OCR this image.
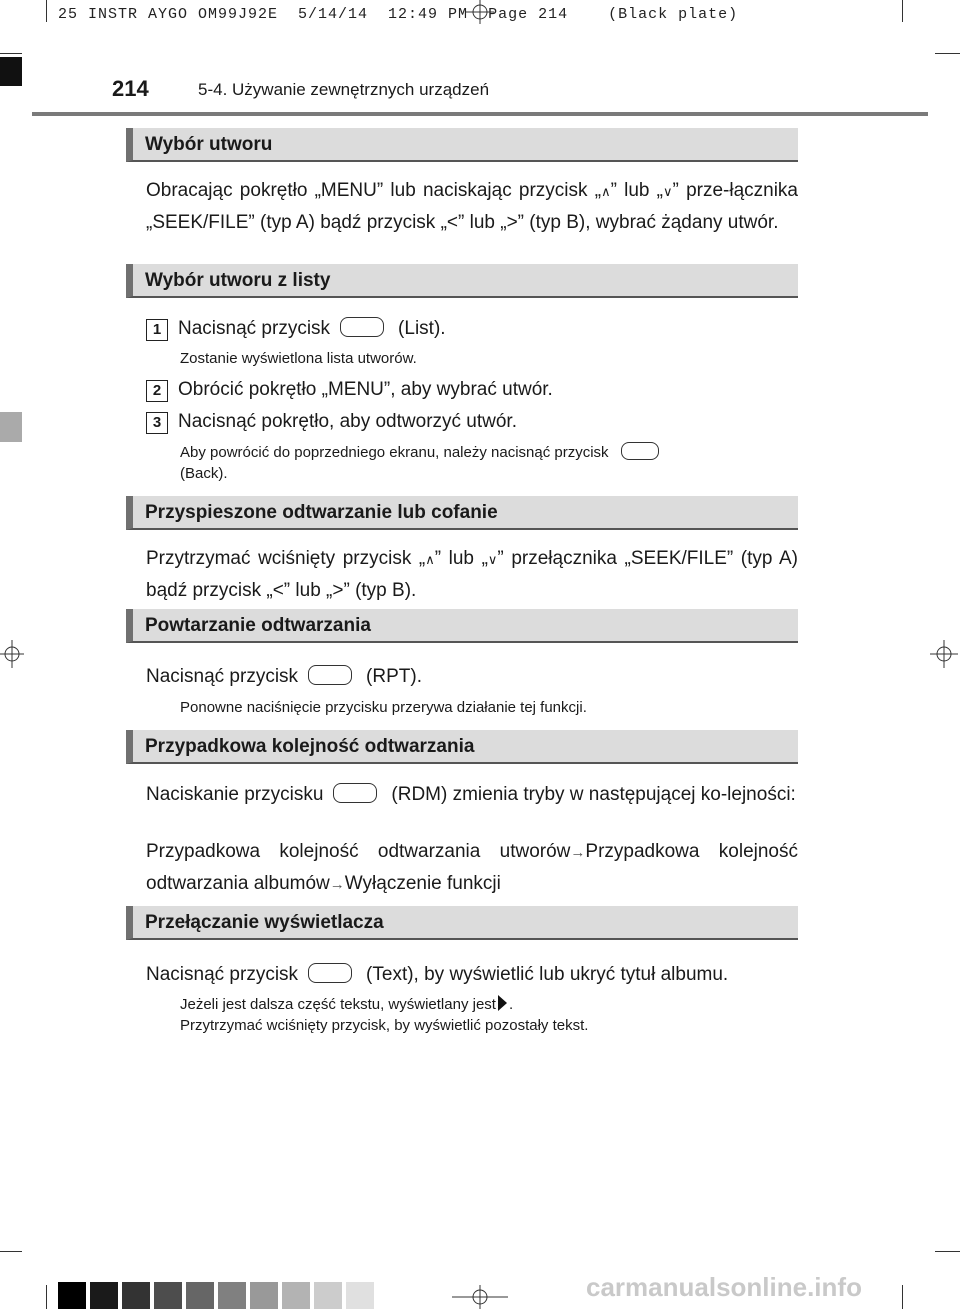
25 INSTR AYGO OM99J92E  5/14/14  12:49 PM  Page 214    (Black plate)
214	5-4. Używanie zewnętrznych urządzeń
Wybór utworu
Obracając pokrętło „MENU” lub naciskając przycisk „∧” lub „∨” prze-łącznika „SEEK/FILE” (typ A) bądź przycisk „<” lub „>” (typ B), wybrać żądany utwór.
Wybór utworu z listy
1 Nacisnąć przycisk	(List).
Zostanie wyświetlona lista utworów.
2 Obrócić pokrętło „MENU”, aby wybrać utwór.
3 Nacisnąć pokrętło, aby odtworzyć utwór.
Aby powrócić do poprzedniego ekranu, należy nacisnąć przycisk
(Back).
Przyspieszone odtwarzanie lub cofanie
Przytrzymać wciśnięty przycisk „∧” lub „∨” przełącznika „SEEK/FILE” (typ A) bądź przycisk „<” lub „>” (typ B).
Powtarzanie odtwarzania
Nacisnąć przycisk	(RPT).
Ponowne naciśnięcie przycisku przerywa działanie tej funkcji.
Przypadkowa kolejność odtwarzania
Naciskanie przycisku	(RDM) zmienia tryby w następującej ko-lejności:
Przypadkowa kolejność odtwarzania utworów→Przypadkowa kolejność odtwarzania albumów→Wyłączenie funkcji
Przełączanie wyświetlacza
Nacisnąć przycisk	(Text), by wyświetlić lub ukryć tytuł albumu.
Jeżeli jest dalsza część tekstu, wyświetlany jest .
Przytrzymać wciśnięty przycisk, by wyświetlić pozostały tekst.
carmanualsonline.info
